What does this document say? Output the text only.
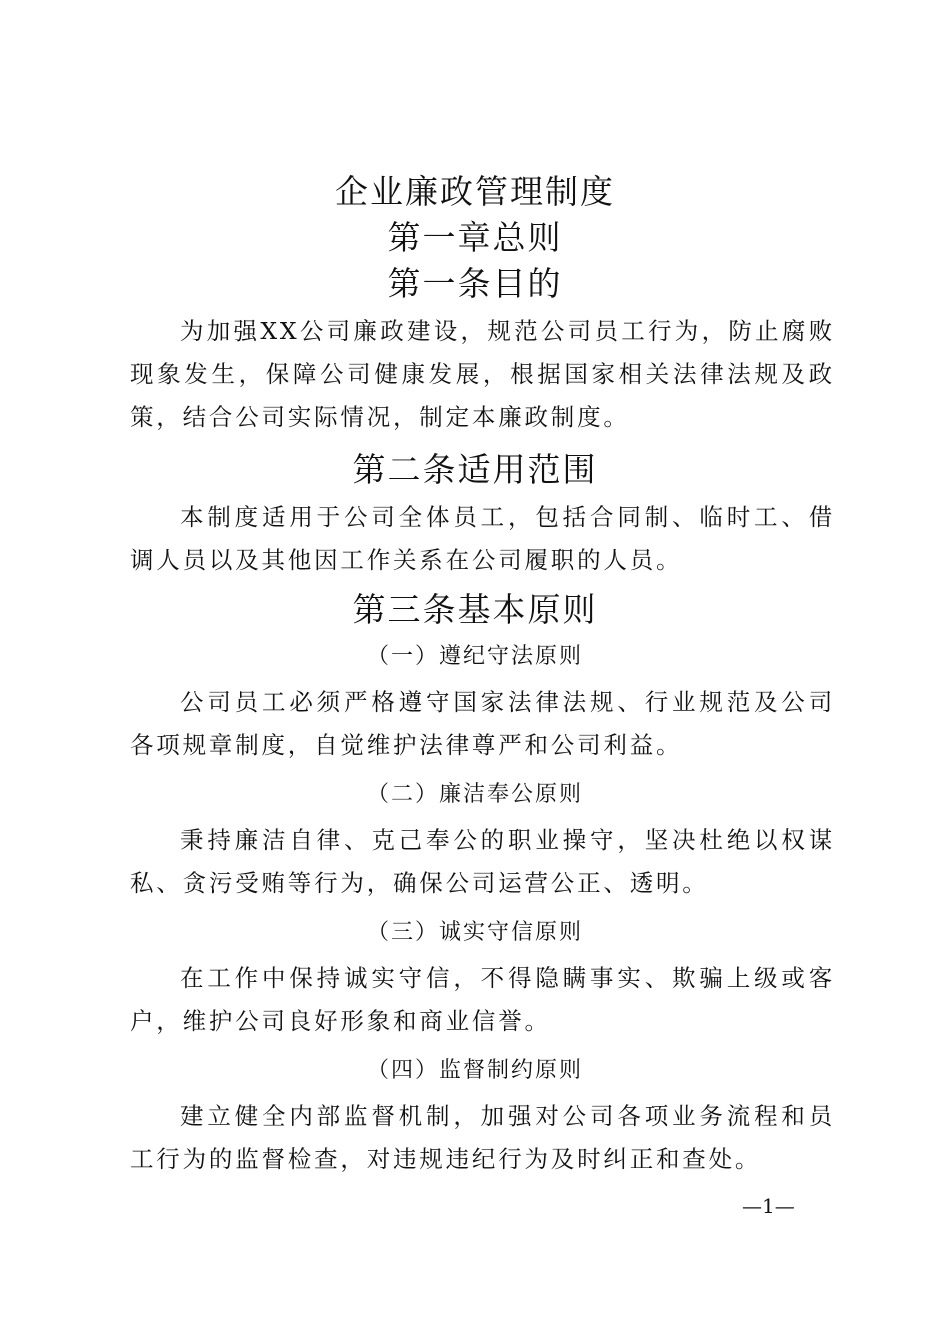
企业廉政管理制度
第一章总则
第一条目的

为加强XX公司廉政建设，规范公司员工行为，防止腐败现象发生，保障公司健康发展，根据国家相关法律法规及政策，结合公司实际情况，制定本廉政制度。

第二条适用范围

本制度适用于公司全体员工，包括合同制、临时工、借调人员以及其他因工作关系在公司履职的人员。

第三条基本原则
（一）遵纪守法原则

公司员工必须严格遵守国家法律法规、行业规范及公司各项规章制度，自觉维护法律尊严和公司利益。

（二）廉洁奉公原则

秉持廉洁自律、克己奉公的职业操守，坚决杜绝以权谋私、贪污受贿等行为，确保公司运营公正、透明。

（三）诚实守信原则

在工作中保持诚实守信，不得隐瞒事实、欺骗上级或客户，维护公司良好形象和商业信誉。

（四）监督制约原则

建立健全内部监督机制，加强对公司各项业务流程和员工行为的监督检查，对违规违纪行为及时纠正和查处。

—1—
